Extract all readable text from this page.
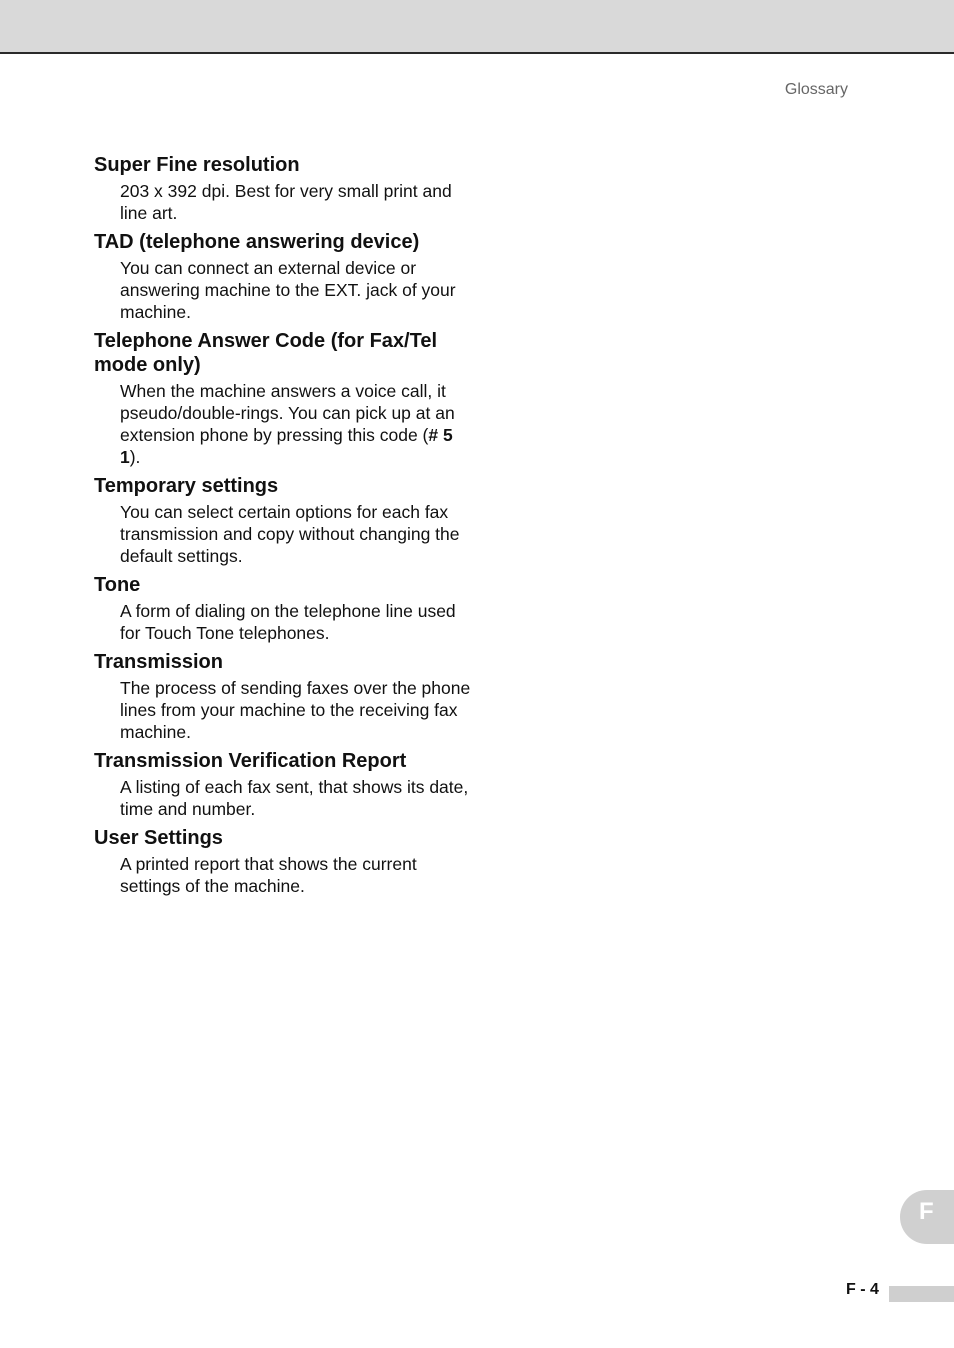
Glossary
Super Fine resolution

203 x 392 dpi. Best for very small print and line art.

TAD (telephone answering device)

You can connect an external device or answering machine to the EXT. jack of your machine.

Telephone Answer Code (for Fax/Tel mode only)

When the machine answers a voice call, it pseudo/double-rings. You can pick up at an extension phone by pressing this code (# 5 1).

Temporary settings

You can select certain options for each fax transmission and copy without changing the default settings.

Tone

A form of dialing on the telephone line used for Touch Tone telephones.

Transmission

The process of sending faxes over the phone lines from your machine to the receiving fax machine.

Transmission Verification Report

A listing of each fax sent, that shows its date, time and number.

User Settings

A printed report that shows the current settings of the machine.

F
F - 4
